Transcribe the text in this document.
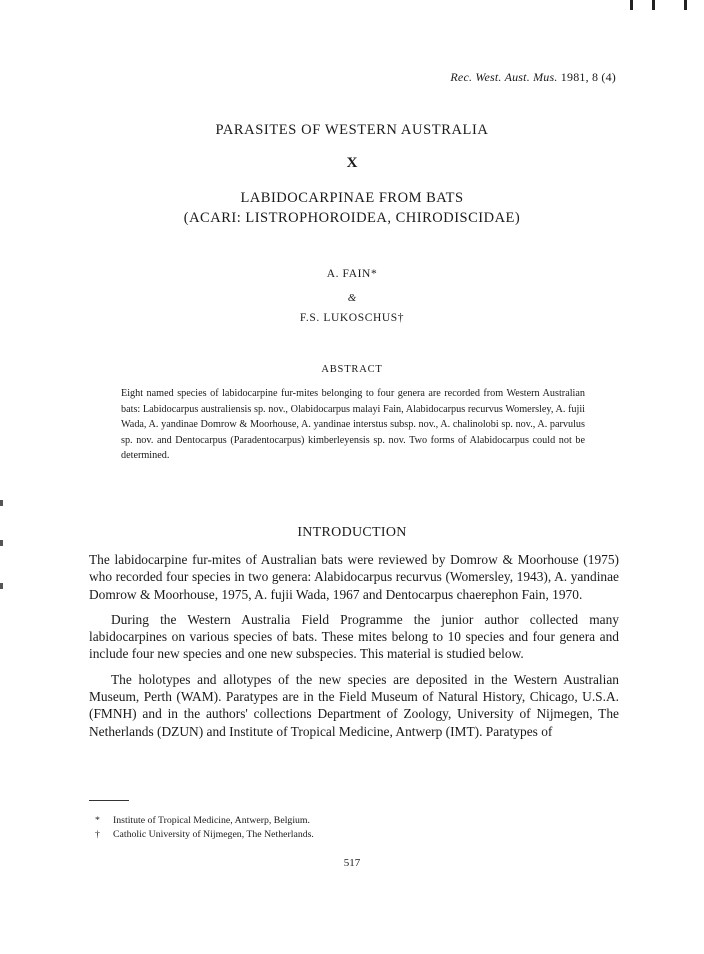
Rec. West. Aust. Mus. 1981, 8 (4)
PARASITES OF WESTERN AUSTRALIA
X
LABIDOCARPINAE FROM BATS
(ACARI: LISTROPHOROIDEA, CHIRODISCIDAE)
A. FAIN*
&
F.S. LUKOSCHUS†
ABSTRACT
Eight named species of labidocarpine fur-mites belonging to four genera are recorded from Western Australian bats: Labidocarpus australiensis sp. nov., Olabidocarpus malayi Fain, Alabidocarpus recurvus Womersley, A. fujii Wada, A. yandinae Domrow & Moorhouse, A. yandinae interstus subsp. nov., A. chalinolobi sp. nov., A. parvulus sp. nov. and Dentocarpus (Paradentocarpus) kimberleyensis sp. nov. Two forms of Alabidocarpus could not be determined.
INTRODUCTION

The labidocarpine fur-mites of Australian bats were reviewed by Domrow & Moorhouse (1975) who recorded four species in two genera: Alabidocarpus recurvus (Womersley, 1943), A. yandinae Domrow & Moorhouse, 1975, A. fujii Wada, 1967 and Dentocarpus chaerephon Fain, 1970.

During the Western Australia Field Programme the junior author collected many labidocarpines on various species of bats. These mites belong to 10 species and four genera and include four new species and one new subspecies. This material is studied below.

The holotypes and allotypes of the new species are deposited in the Western Australian Museum, Perth (WAM). Paratypes are in the Field Museum of Natural History, Chicago, U.S.A. (FMNH) and in the authors' collections Department of Zoology, University of Nijmegen, The Netherlands (DZUN) and Institute of Tropical Medicine, Antwerp (IMT). Paratypes of

*	Institute of Tropical Medicine, Antwerp, Belgium.
†	Catholic University of Nijmegen, The Netherlands.
517
